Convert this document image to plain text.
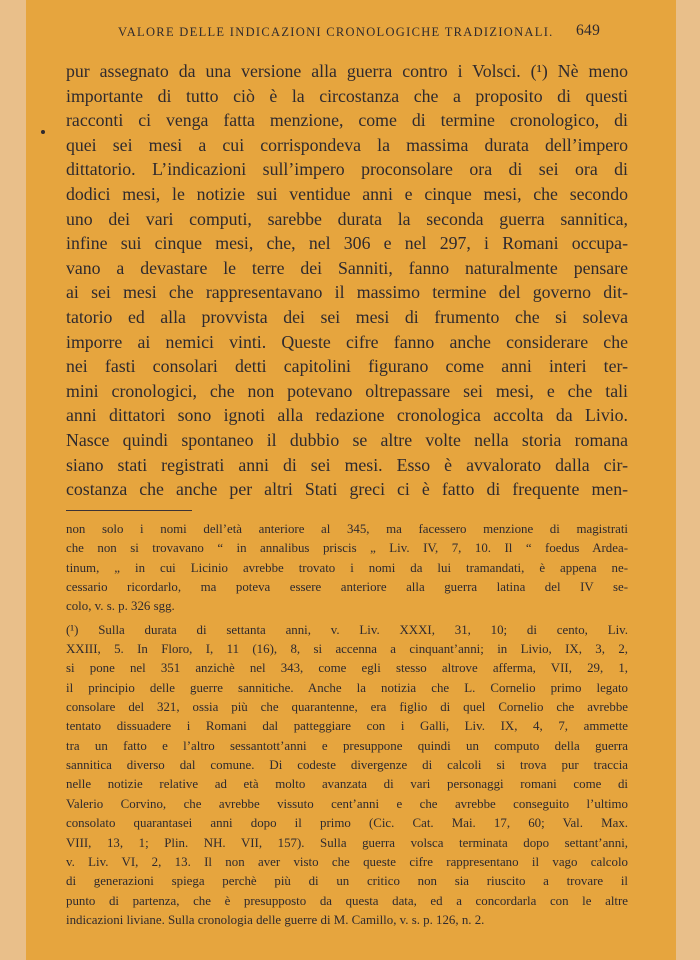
VALORE DELLE INDICAZIONI CRONOLOGICHE TRADIZIONALI. 649
pur assegnato da una versione alla guerra contro i Volsci. (¹) Nè meno
importante di tutto ciò è la circostanza che a proposito di questi
racconti ci venga fatta menzione, come di termine cronologico, di
quei sei mesi a cui corrispondeva la massima durata dell’impero
dittatorio. L’indicazioni sull’impero proconsolare ora di sei ora di
dodici mesi, le notizie sui ventidue anni e cinque mesi, che secondo
uno dei vari computi, sarebbe durata la seconda guerra sannitica,
infine sui cinque mesi, che, nel 306 e nel 297, i Romani occupa-
vano a devastare le terre dei Sanniti, fanno naturalmente pensare
ai sei mesi che rappresentavano il massimo termine del governo dit-
tatorio ed alla provvista dei sei mesi di frumento che si soleva
imporre ai nemici vinti. Queste cifre fanno anche considerare che
nei fasti consolari detti capitolini figurano come anni interi ter-
mini cronologici, che non potevano oltrepassare sei mesi, e che tali
anni dittatori sono ignoti alla redazione cronologica accolta da Livio.
Nasce quindi spontaneo il dubbio se altre volte nella storia romana
siano stati registrati anni di sei mesi. Esso è avvalorato dalla cir-
costanza che anche per altri Stati greci ci è fatto di frequente men-
non solo i nomi dell’età anteriore al 345, ma facessero menzione di magistrati
che non si trovavano “ in annalibus priscis „ Liv. IV, 7, 10. Il “ foedus Ardea-
tinum, „ in cui Licinio avrebbe trovato i nomi da lui tramandati, è appena ne-
cessario ricordarlo, ma poteva essere anteriore alla guerra latina del IV se-
colo, v. s. p. 326 sgg.
(¹) Sulla durata di settanta anni, v. Liv. XXXI, 31, 10; di cento, Liv.
XXIII, 5. In Floro, I, 11 (16), 8, si accenna a cinquant’anni; in Livio, IX, 3, 2,
si pone nel 351 anzichè nel 343, come egli stesso altrove afferma, VII, 29, 1,
il principio delle guerre sannitiche. Anche la notizia che L. Cornelio primo legato
consolare del 321, ossia più che quarantenne, era figlio di quel Cornelio che avrebbe
tentato dissuadere i Romani dal patteggiare con i Galli, Liv. IX, 4, 7, ammette
tra un fatto e l’altro sessantott’anni e presuppone quindi un computo della guerra
sannitica diverso dal comune. Di codeste divergenze di calcoli si trova pur traccia
nelle notizie relative ad età molto avanzata di vari personaggi romani come di
Valerio Corvino, che avrebbe vissuto cent’anni e che avrebbe conseguito l’ultimo
consolato quarantasei anni dopo il primo (Cic. Cat. Mai. 17, 60; Val. Max.
VIII, 13, 1; Plin. NH. VII, 157). Sulla guerra volsca terminata dopo settant’anni,
v. Liv. VI, 2, 13. Il non aver visto che queste cifre rappresentano il vago calcolo
di generazioni spiega perchè più di un critico non sia riuscito a trovare il
punto di partenza, che è presupposto da questa data, ed a concordarla con le altre
indicazioni liviane. Sulla cronologia delle guerre di M. Camillo, v. s. p. 126, n. 2.
